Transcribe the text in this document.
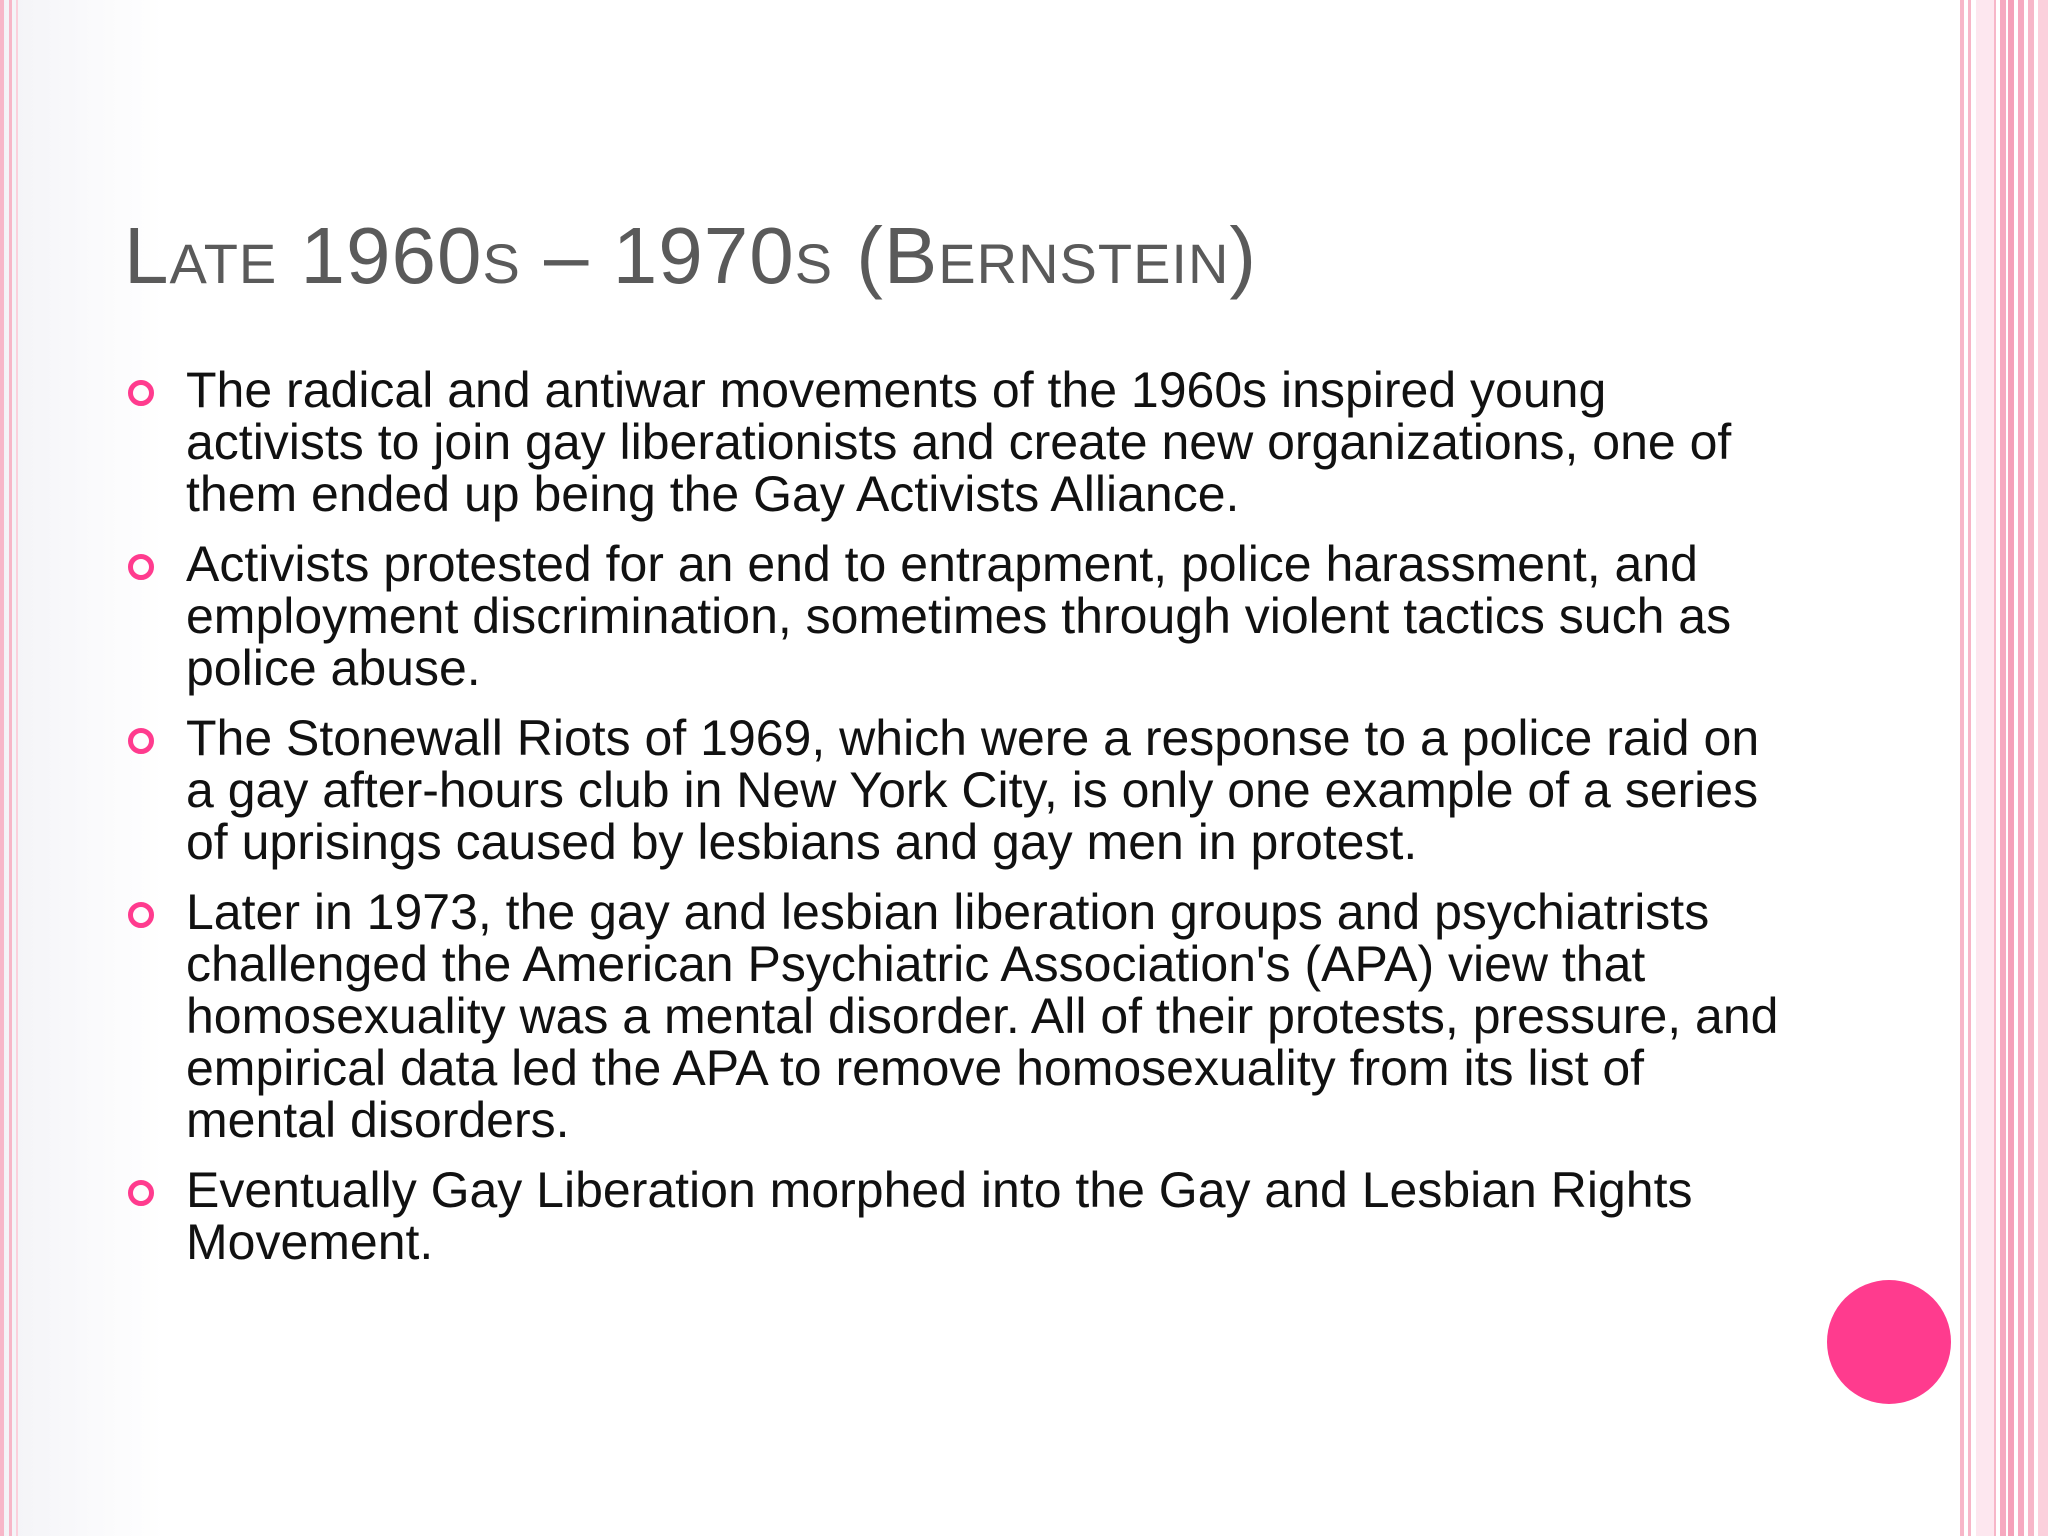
Late 1960s – 1970s (Bernstein)
The radical and antiwar movements of the 1960s inspired young activists to join gay liberationists and create new organizations, one of them ended up being the Gay Activists Alliance.
Activists protested for an end to entrapment, police harassment, and employment discrimination, sometimes through violent tactics such as police abuse.
The Stonewall Riots of 1969, which were a response to a police raid on a gay after-hours club in New York City, is only one example of a series of uprisings caused by lesbians and gay men in protest.
Later in 1973, the gay and lesbian liberation groups and psychiatrists challenged the American Psychiatric Association's (APA) view that homosexuality was a mental disorder. All of their protests, pressure, and empirical data led the APA to remove homosexuality from its list of mental disorders.
Eventually Gay Liberation morphed into the Gay and Lesbian Rights Movement.
